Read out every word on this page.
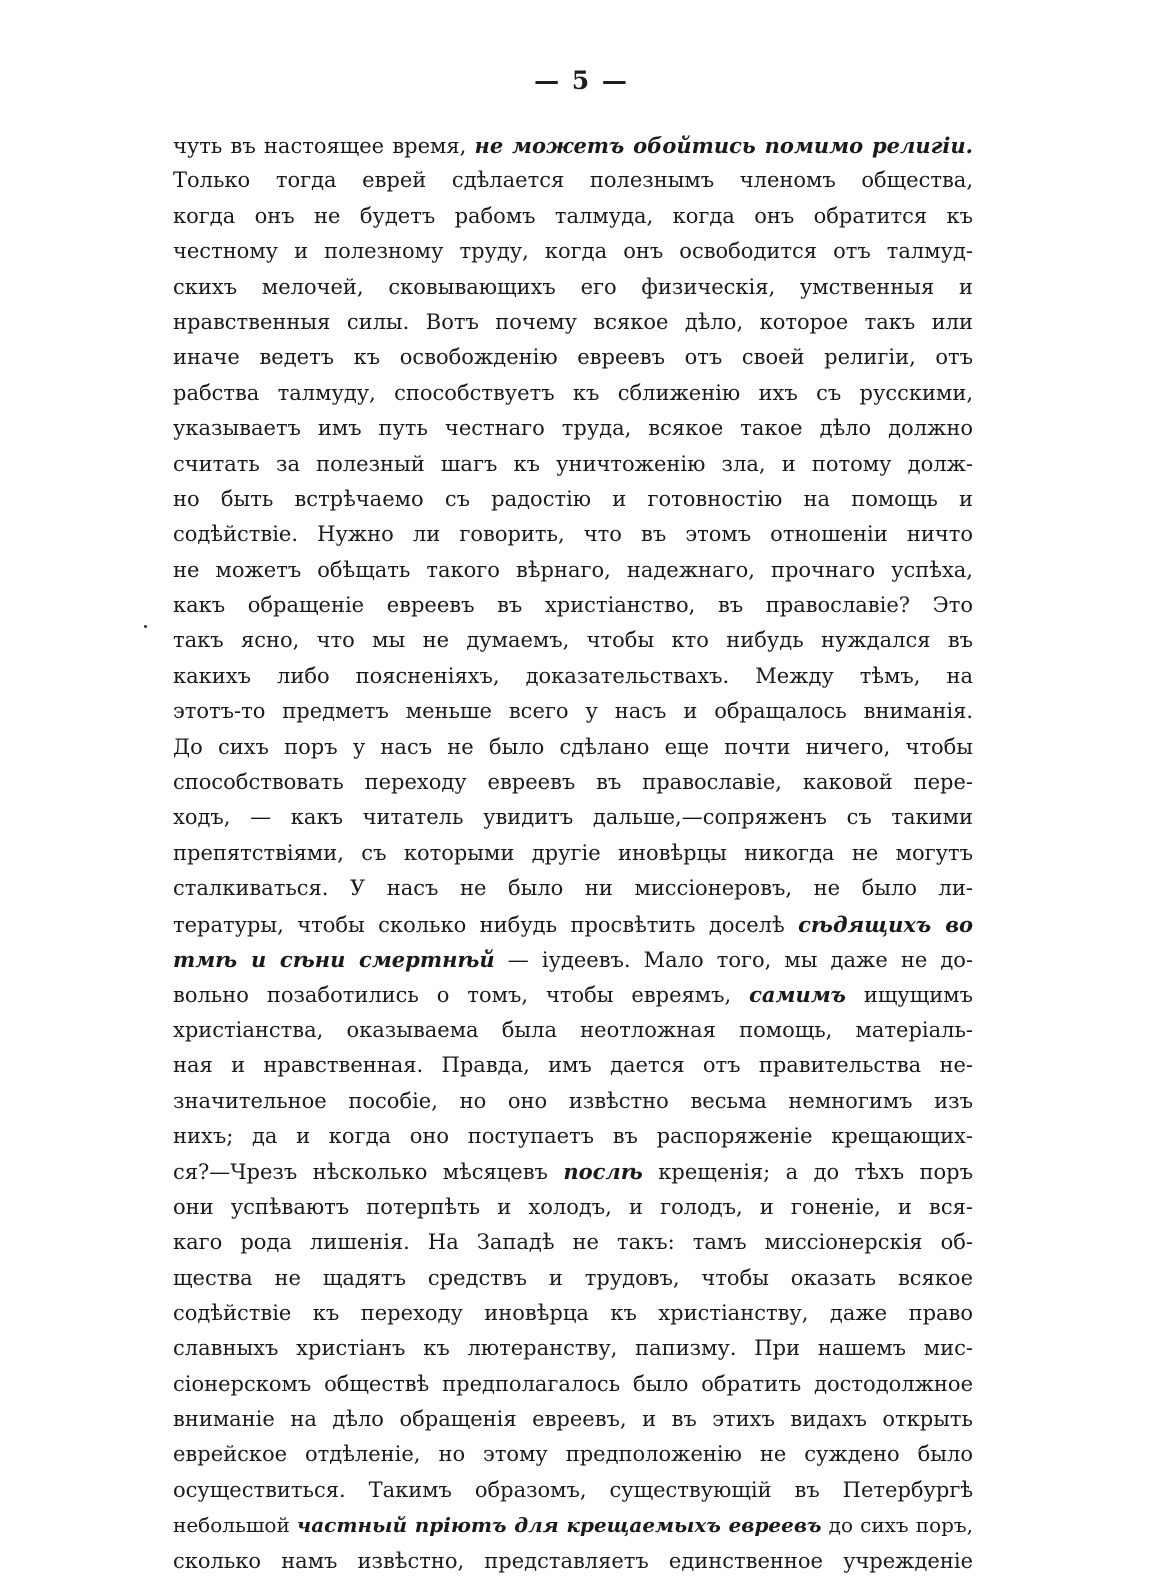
— 5 —
чуть въ настоящее время, не можетъ обойтись помимо религіи.
Только тогда еврей сдѣлается полезнымъ членомъ общества,
когда онъ не будетъ рабомъ талмуда, когда онъ обратится къ
честному и полезному труду, когда онъ освободится отъ талмуд-
скихъ мелочей, сковывающихъ его физическія, умственныя и
нравственныя силы. Вотъ почему всякое дѣло, которое такъ или
иначе ведетъ къ освобожденію евреевъ отъ своей религіи, отъ
рабства талмуду, способствуетъ къ сближенію ихъ съ русскими,
указываетъ имъ путь честнаго труда, всякое такое дѣло должно
считать за полезный шагъ къ уничтоженію зла, и потому долж-
но быть встрѣчаемо съ радостію и готовностію на помощь и
содѣйствіе. Нужно ли говорить, что въ этомъ отношеніи ничто
не можетъ обѣщать такого вѣрнаго, надежнаго, прочнаго успѣха,
какъ обращеніе евреевъ въ христіанство, въ православіе? Это
такъ ясно, что мы не думаемъ, чтобы кто нибудь нуждался въ
какихъ либо поясненіяхъ, доказательствахъ. Между тѣмъ, на
этотъ-то предметъ меньше всего у насъ и обращалось вниманія.
До сихъ поръ у насъ не было сдѣлано еще почти ничего, чтобы
способствовать переходу евреевъ въ православіе, каковой пере-
ходъ, — какъ читатель увидитъ дальше,—сопряженъ съ такими
препятствіями, съ которыми другіе иновѣрцы никогда не могутъ
сталкиваться. У насъ не было ни миссіонеровъ, не было ли-
тературы, чтобы сколько нибудь просвѣтить доселѣ сѣдящихъ во
тмѣ и сѣни смертнѣй — іудеевъ. Мало того, мы даже не до-
вольно позаботились о томъ, чтобы евреямъ, самимъ ищущимъ
христіанства, оказываема была неотложная помощь, матеріаль-
ная и нравственная. Правда, имъ дается отъ правительства не-
значительное пособіе, но оно извѣстно весьма немногимъ изъ
нихъ; да и когда оно поступаетъ въ распоряженіе крещающих-
ся?—Чрезъ нѣсколько мѣсяцевъ послѣ крещенія; а до тѣхъ поръ
они успѣваютъ потерпѣть и холодъ, и голодъ, и гоненіе, и вся-
каго рода лишенія. На Западѣ не такъ: тамъ миссіонерскія об-
щества не щадятъ средствъ и трудовъ, чтобы оказать всякое
содѣйствіе къ переходу иновѣрца къ христіанству, даже право
славныхъ христіанъ къ лютеранству, папизму. При нашемъ мис-
сіонерскомъ обществѣ предполагалось было обратить достодолжное
вниманіе на дѣло обращенія евреевъ, и въ этихъ видахъ открыть
еврейское отдѣленіе, но этому предположенію не суждено было
осуществиться. Такимъ образомъ, существующій въ Петербургѣ
небольшой частный пріютъ для крещаемыхъ евреевъ до сихъ поръ,
сколько намъ извѣстно, представляетъ единственное учрежденіе
